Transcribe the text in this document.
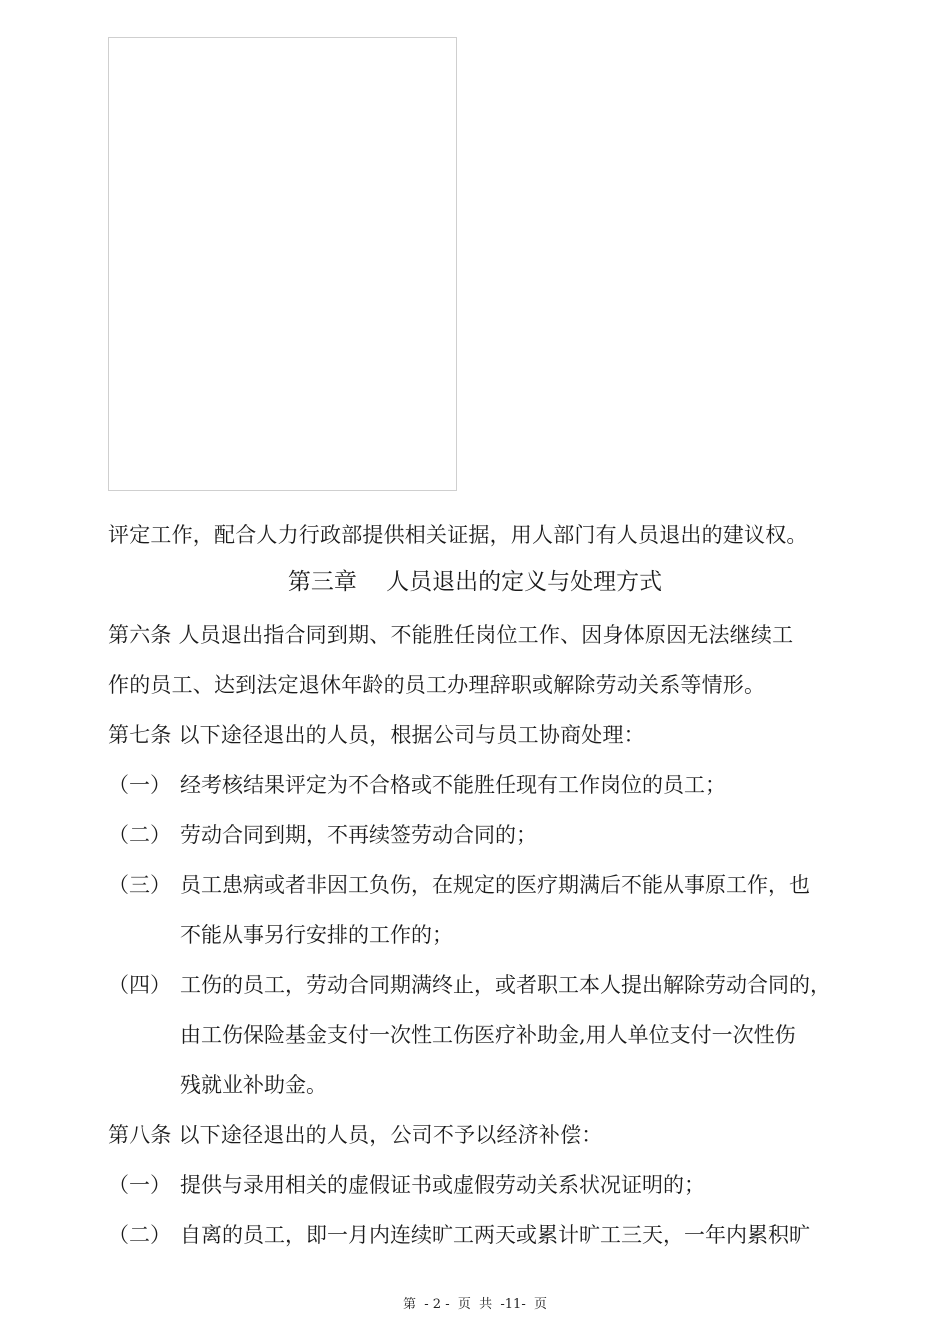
评定工作，配合人力行政部提供相关证据，用人部门有人员退出的建议权。
第三章    人员退出的定义与处理方式
第六条 人员退出指合同到期、不能胜任岗位工作、因身体原因无法继续工
作的员工、达到法定退休年龄的员工办理辞职或解除劳动关系等情形。
第七条 以下途径退出的人员，根据公司与员工协商处理：
（一） 经考核结果评定为不合格或不能胜任现有工作岗位的员工；
（二） 劳动合同到期，不再续签劳动合同的；
（三） 员工患病或者非因工负伤，在规定的医疗期满后不能从事原工作，也
不能从事另行安排的工作的；
（四） 工伤的员工，劳动合同期满终止，或者职工本人提出解除劳动合同的，
由工伤保险基金支付一次性工伤医疗补助金,用人单位支付一次性伤
残就业补助金。
第八条 以下途径退出的人员，公司不予以经济补偿：
（一） 提供与录用相关的虚假证书或虚假劳动关系状况证明的；
（二） 自离的员工，即一月内连续旷工两天或累计旷工三天，一年内累积旷
第  - 2 -  页  共  -11-  页
